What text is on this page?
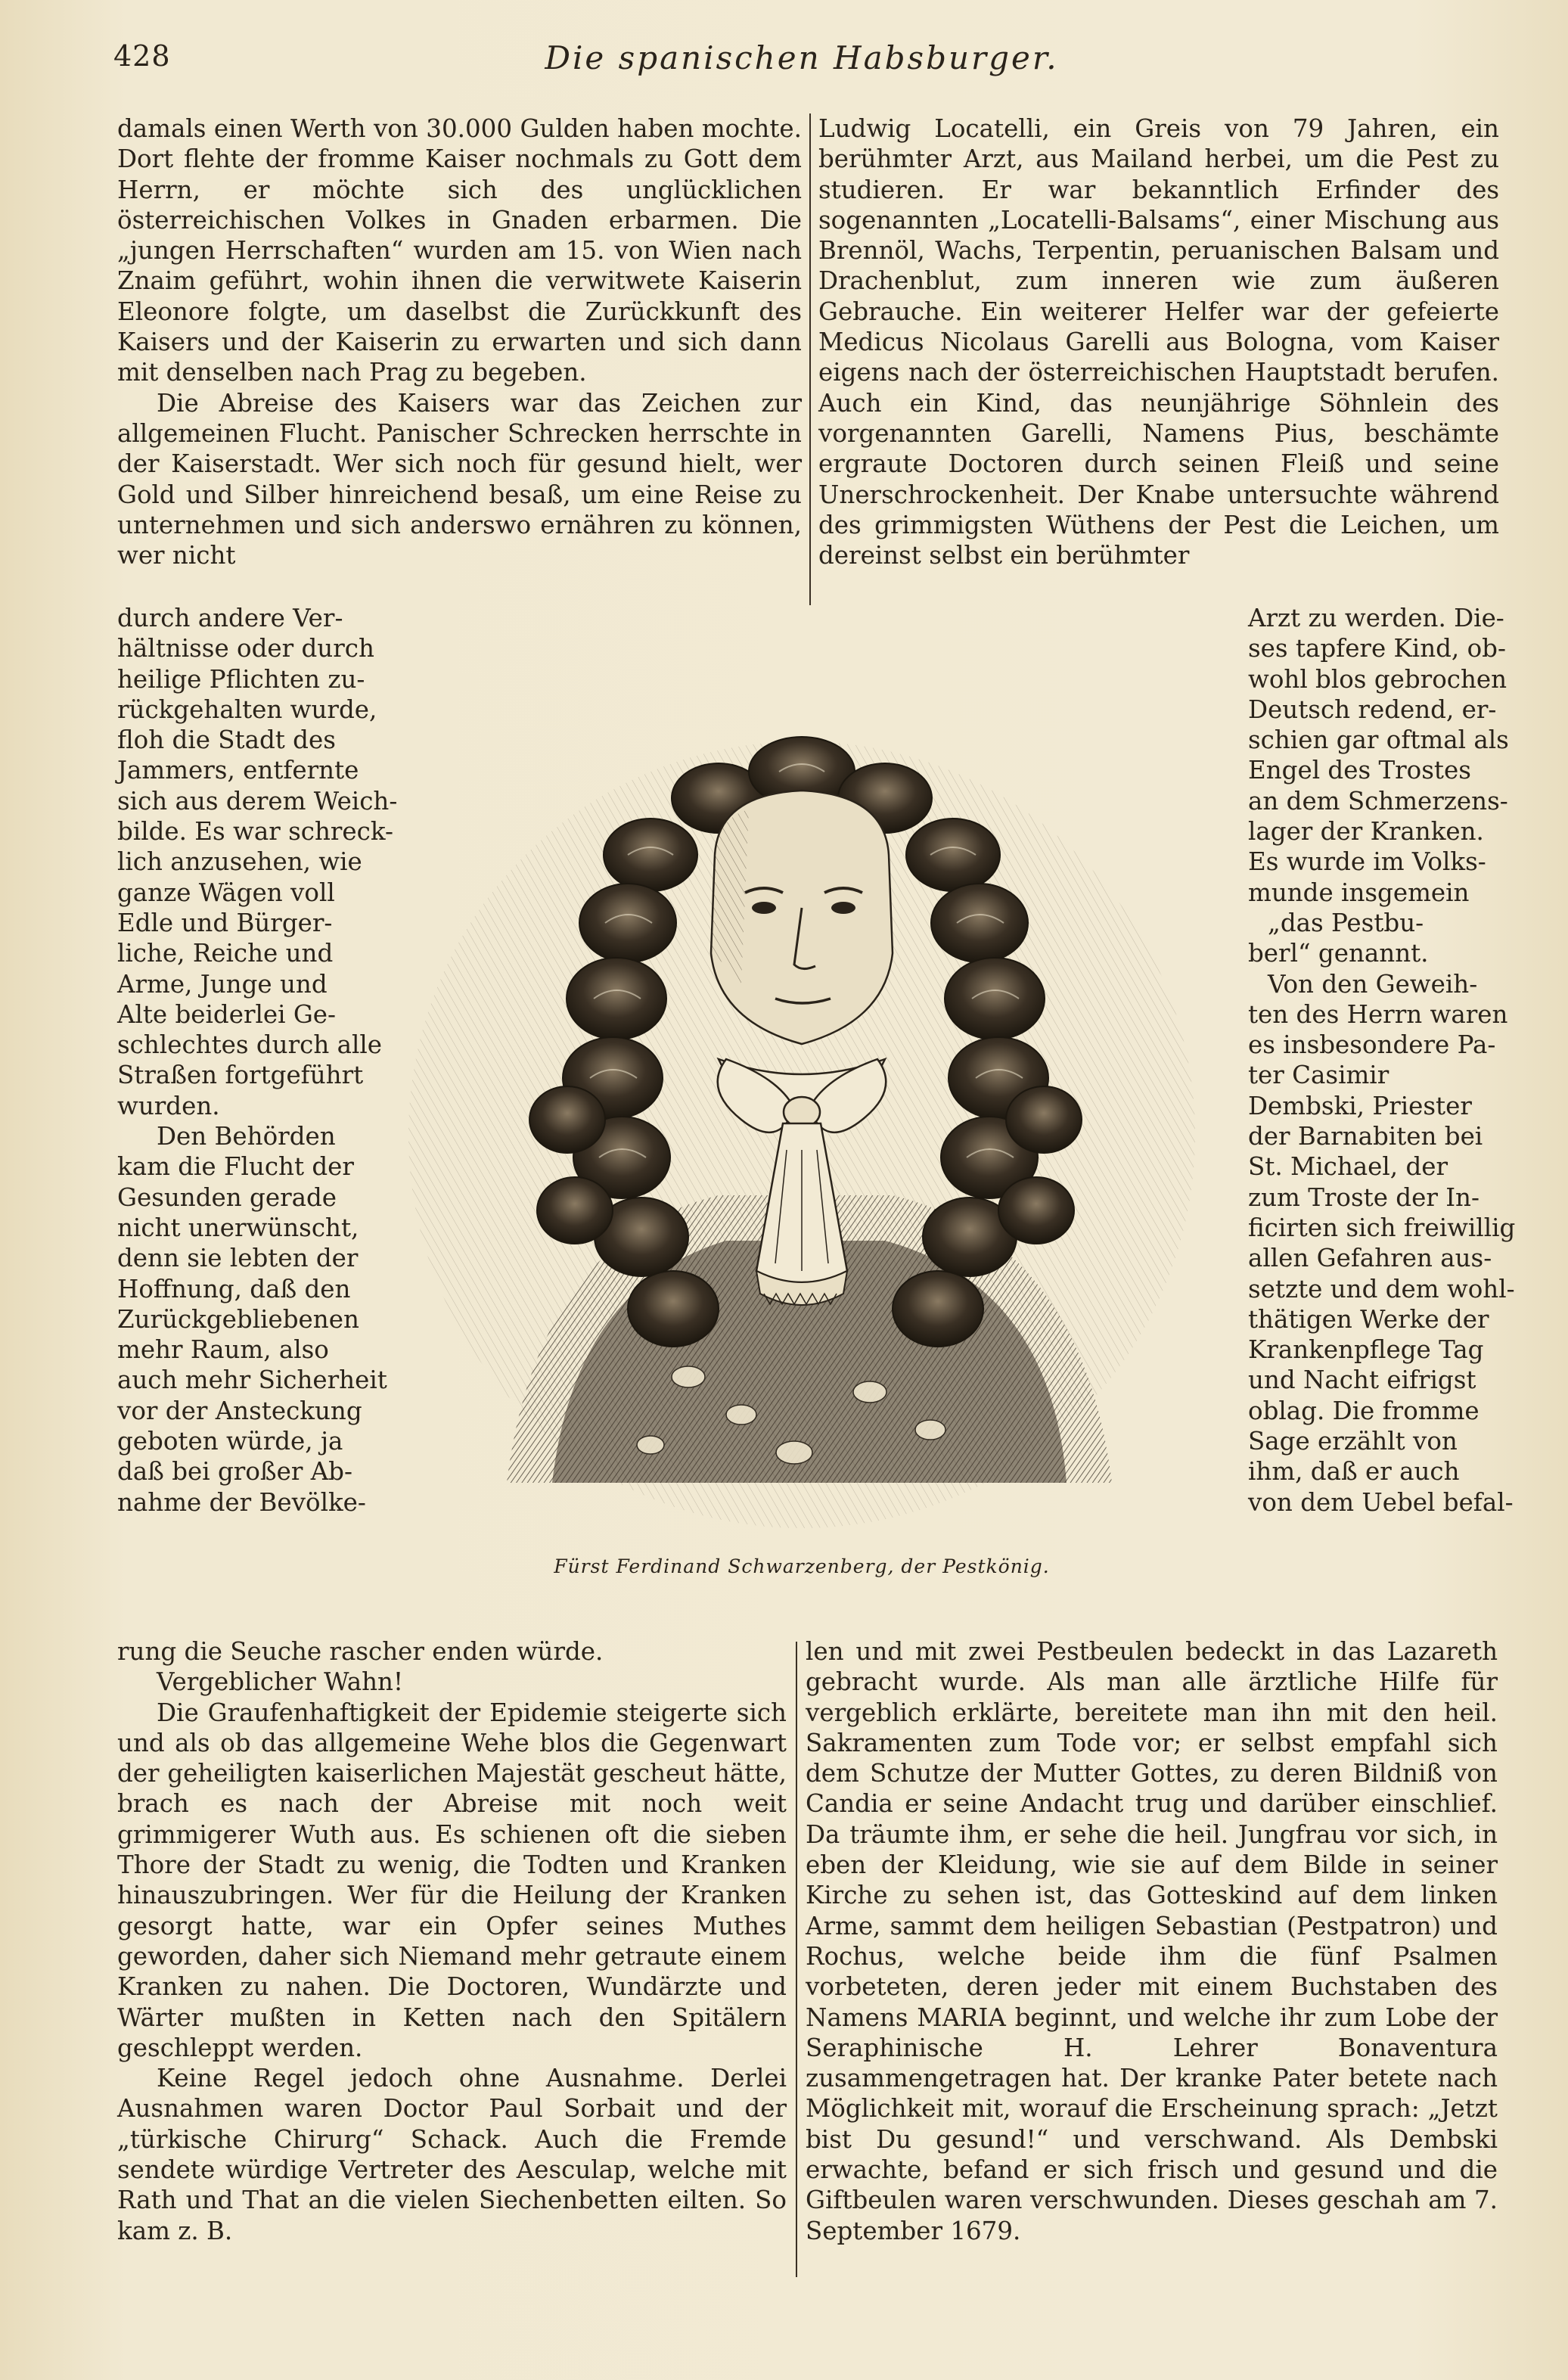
428	Die spanischen Habsburger.

damals einen Werth von 30.000 Gulden haben mochte. Dort flehte der fromme Kaiser nochmals zu Gott dem Herrn, er möchte sich des unglücklichen österreichischen Volkes in Gnaden erbarmen. Die „jungen Herrschaften“ wurden am 15. von Wien nach Znaim geführt, wohin ihnen die verwitwete Kaiserin Eleonore folgte, um daselbst die Zurückkunft des Kaisers und der Kaiserin zu erwarten und sich dann mit denselben nach Prag zu begeben.

Die Abreise des Kaisers war das Zeichen zur allgemeinen Flucht. Panischer Schrecken herrschte in der Kaiserstadt. Wer sich noch für gesund hielt, wer Gold und Silber hinreichend besaß, um eine Reise zu unternehmen und sich anderswo ernähren zu können, wer nicht

durch andere Ver-
hältnisse oder durch
heilige Pflichten zu-
rückgehalten wurde,
floh die Stadt des
Jammers, entfernte
sich aus derem Weich-
bilde. Es war schreck-
lich anzusehen, wie
ganze Wägen voll
Edle und Bürger-
liche, Reiche und
Arme, Junge und
Alte beiderlei Ge-
schlechtes durch alle
Straßen fortgeführt
wurden.
Den Behörden
kam die Flucht der
Gesunden gerade
nicht unerwünscht,
denn sie lebten der
Hoffnung, daß den
Zurückgebliebenen
mehr Raum, also
auch mehr Sicherheit
vor der Ansteckung
geboten würde, ja
daß bei großer Ab-
nahme der Bevölke-

rung die Seuche rascher enden würde.

Vergeblicher Wahn!

Die Graufenhaftigkeit der Epidemie steigerte sich und als ob das allgemeine Wehe blos die Gegenwart der geheiligten kaiserlichen Majestät gescheut hätte, brach es nach der Abreise mit noch weit grimmigerer Wuth aus. Es schienen oft die sieben Thore der Stadt zu wenig, die Todten und Kranken hinauszubringen. Wer für die Heilung der Kranken gesorgt hatte, war ein Opfer seines Muthes geworden, daher sich Niemand mehr getraute einem Kranken zu nahen. Die Doctoren, Wundärzte und Wärter mußten in Ketten nach den Spitälern geschleppt werden.

Keine Regel jedoch ohne Ausnahme. Derlei Ausnahmen waren Doctor Paul Sorbait und der „türkische Chirurg“ Schack. Auch die Fremde sendete würdige Vertreter des Aesculap, welche mit Rath und That an die vielen Siechenbetten eilten. So kam z. B.

Ludwig Locatelli, ein Greis von 79 Jahren, ein berühmter Arzt, aus Mailand herbei, um die Pest zu studieren. Er war bekanntlich Erfinder des sogenannten „Locatelli-Balsams“, einer Mischung aus Brennöl, Wachs, Terpentin, peruanischen Balsam und Drachenblut, zum inneren wie zum äußeren Gebrauche. Ein weiterer Helfer war der gefeierte Medicus Nicolaus Garelli aus Bologna, vom Kaiser eigens nach der österreichischen Hauptstadt berufen. Auch ein Kind, das neunjährige Söhnlein des vorgenannten Garelli, Namens Pius, beschämte ergraute Doctoren durch seinen Fleiß und seine Unerschrockenheit. Der Knabe untersuchte während des grimmigsten Wüthens der Pest die Leichen, um dereinst selbst ein berühmter

Arzt zu werden. Die-
ses tapfere Kind, ob-
wohl blos gebrochen
Deutsch redend, er-
schien gar oftmal als
Engel des Trostes
an dem Schmerzens-
lager der Kranken.
Es wurde im Volks-
munde insgemein
„das Pestbu-
berl“ genannt.
Von den Geweih-
ten des Herrn waren
es insbesondere Pa-
ter Casimir
Dembski, Priester
der Barnabiten bei
St. Michael, der
zum Troste der In-
ficirten sich freiwillig
allen Gefahren aus-
setzte und dem wohl-
thätigen Werke der
Krankenpflege Tag
und Nacht eifrigst
oblag. Die fromme
Sage erzählt von
ihm, daß er auch
von dem Uebel befal-

len und mit zwei Pestbeulen bedeckt in das Lazareth gebracht wurde. Als man alle ärztliche Hilfe für vergeblich erklärte, bereitete man ihn mit den heil. Sakramenten zum Tode vor; er selbst empfahl sich dem Schutze der Mutter Gottes, zu deren Bildniß von Candia er seine Andacht trug und darüber einschlief. Da träumte ihm, er sehe die heil. Jungfrau vor sich, in eben der Kleidung, wie sie auf dem Bilde in seiner Kirche zu sehen ist, das Gotteskind auf dem linken Arme, sammt dem heiligen Sebastian (Pestpatron) und Rochus, welche beide ihm die fünf Psalmen vorbeteten, deren jeder mit einem Buchstaben des Namens MARIA beginnt, und welche ihr zum Lobe der Seraphinische H. Lehrer Bonaventura zusammengetragen hat. Der kranke Pater betete nach Möglichkeit mit, worauf die Erscheinung sprach: „Jetzt bist Du gesund!“ und verschwand. Als Dembski erwachte, befand er sich frisch und gesund und die Giftbeulen waren verschwunden. Dieses geschah am 7. September 1679.

Fürst Ferdinand Schwarzenberg, der Pestkönig.
